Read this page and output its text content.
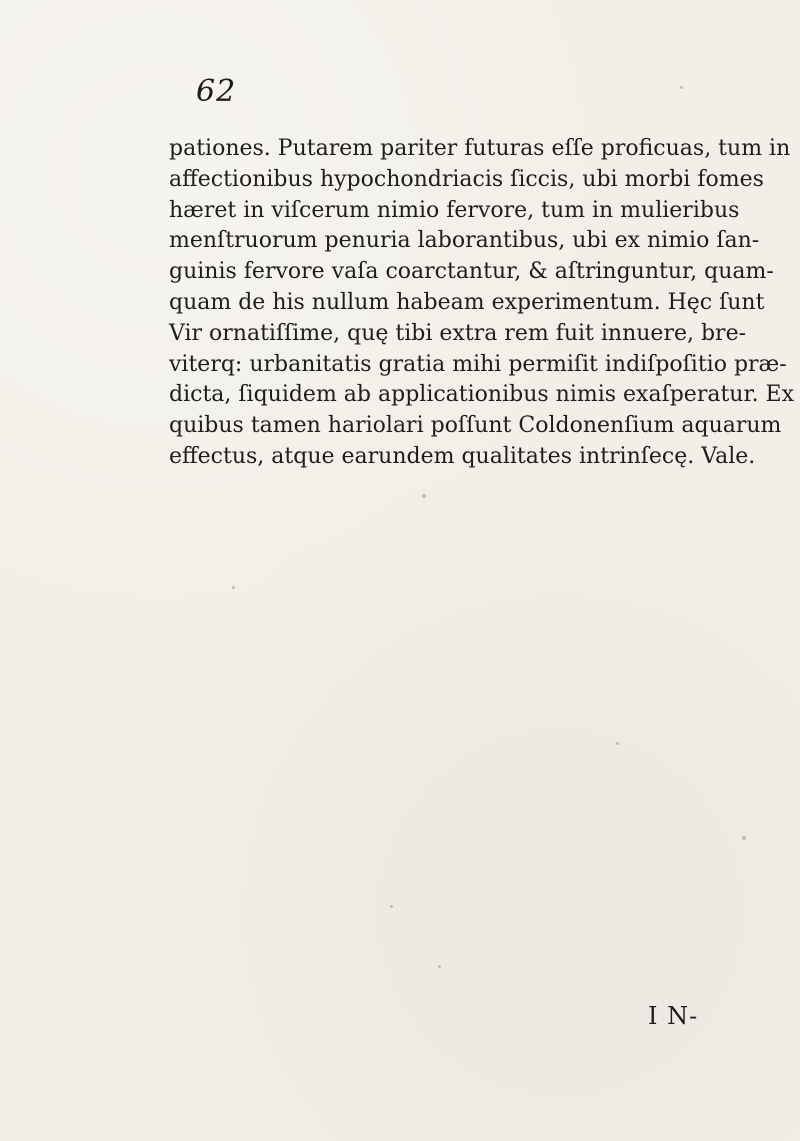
62
pationes. Putarem pariter futuras eſſe proficuas, tum in
affectionibus hypochondriacis ſiccis, ubi morbi fomes
hæret in viſcerum nimio fervore, tum in mulieribus
menſtruorum penuria laborantibus, ubi ex nimio ſan-
guinis fervore vaſa coarctantur, & aſtringuntur, quam-
quam de his nullum habeam experimentum. Hęc ſunt
Vir ornatiſſime, quę tibi extra rem fuit innuere, bre-
viterq: urbanitatis gratia mihi permiſit indiſpoſitio præ-
dicta, ſiquidem ab applicationibus nimis exaſperatur. Ex
quibus tamen hariolari poſſunt Coldonenſium aquarum
effectus, atque earundem qualitates intrinſecę. Vale.
I N-
